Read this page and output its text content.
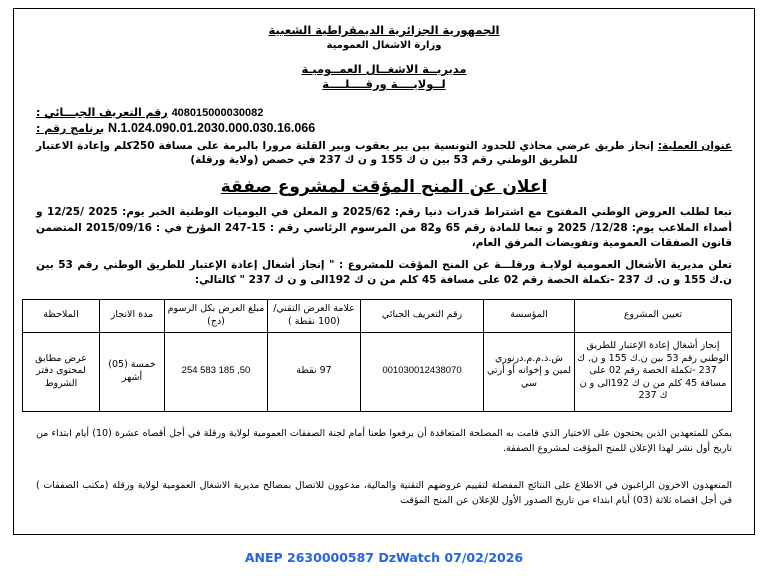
الجمهورية الجزائرية الديمقراطية الشعبية
وزارة الاشغال العمومية
مديريــة الاشغــال العمــوميـة
لــولايــــة ورقــــلــــة
408015000030082 رقم التعريف الجبـــائي :
N.1.024.090.01.2030.000.030.16.066 برنامج رقم :
عنوان العملية: إنجاز طريق عرضي محاذي للحدود التونسية بين بير يعقوب وبير القلتة مرورا بالبرمة على مسافة 250كلم وإعادة الاعتبار للطريق الوطني رقم 53 بين ن ك 155 و ن ك 237 في حصص (ولاية ورقلة)
اعلان عن المنح المؤقت لمشروع صفقة
تبعا لطلب العروض الوطني المفتوح مع اشتراط قدرات دنيا رقم: 2025/62 و المعلن في اليوميات الوطنية الخبر يوم: 2025 /12/25 و أصداء الملاعب يوم: 12/28/ 2025 و تبعا للمادة رقم 65 و82 من المرسوم الرئاسي رقم : 15-247 المؤرخ في : 2015/09/16 المتضمن قانون الصفقات العمومية وتفويضات المرفق العام،
تعلن مديرية الأشغال العمومية لولايـة ورقلـــة عن المنح المؤقت للمشروع : " إنجاز أشغال إعادة الإعتبار للطريق الوطني رقم 53 بين ن.ك 155 و ن. ك 237 -تكملة الحصة رقم 02 على مسافة 45 كلم من ن ك 192الى و ن ك 237 " كالتالي:
تعيين المشروع	المؤسسة	رقم التعريف الجبائي	علامة العرض التقني/ (100 نقطة )	مبلغ العرض بكل الرسوم (دج)	مدة الانجاز	الملاحظة
إنجاز أشغال إعادة الإعتبار للطريق الوطني رقم 53 بين ن.ك 155 و ن. ك 237 -تكملة الحصة رقم 02 على مسافة 45 كلم من ن ك 192الى و ن ك 237	ش.ذ.م.م.درنوري لمين و إخوانه أو أرتي سي	001030012438070	97 نقطة	254 583 185 ,50	خمسة (05) أشهر	عرض مطابق لمحتوى دفتر الشروط
يمكن للمتعهدين الذين يحتجون على الاختيار الذي قامت به المصلحة المتعاقدة أن يرفعوا طعنا أمام لجنة الصفقات العمومية لولاية ورقلة في أجل أقصاه عشرة (10) أيام ابتداء من تاريخ أول نشر لهذا الإعلان للمنح المؤقت لمشروع الصفقة.
المتعهدون الاخرون الراغبون في الاطلاع على النتائج المفصلة لتقييم عروضهم التقنية والمالية، مدعوون للاتصال بمصالح مديرية الاشغال العمومية لولاية ورقلة (مكتب الصفقات ) في أجل اقصاه ثلاثة (03) أيام ابتداء من تاريخ الصدور الأول للإعلان عن المنح المؤقت
ANEP 2630000587 DzWatch 07/02/2026
